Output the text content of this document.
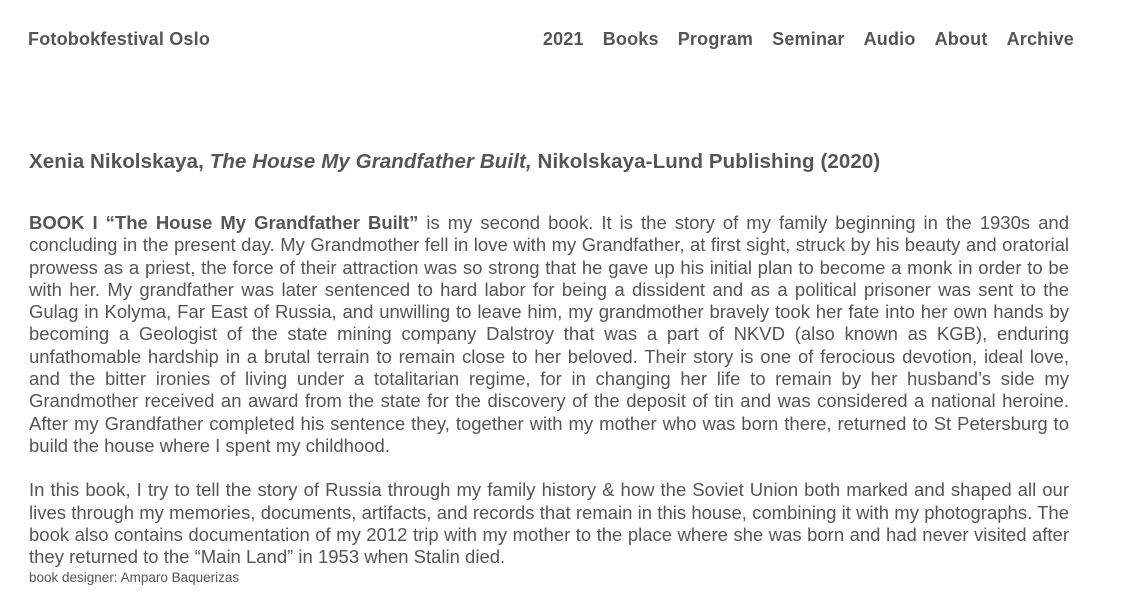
Fotobokfestival Oslo	2021 Books Program Seminar Audio About Archive
Xenia Nikolskaya, The House My Grandfather Built, Nikolskaya-Lund Publishing (2020)

BOOK I “The House My Grandfather Built” is my second book. It is the story of my family beginning in the 1930s and concluding in the present day. My Grandmother fell in love with my Grandfather, at first sight, struck by his beauty and oratorial prowess as a priest, the force of their attraction was so strong that he gave up his initial plan to become a monk in order to be with her. My grandfather was later sentenced to hard labor for being a dissident and as a political prisoner was sent to the Gulag in Kolyma, Far East of Russia, and unwilling to leave him, my grandmother bravely took her fate into her own hands by becoming a Geologist of the state mining company Dalstroy that was a part of NKVD (also known as KGB), enduring unfathomable hardship in a brutal terrain to remain close to her beloved. Their story is one of ferocious devotion, ideal love, and the bitter ironies of living under a totalitarian regime, for in changing her life to remain by her husband’s side my Grandmother received an award from the state for the discovery of the deposit of tin and was considered a national heroine. After my Grandfather completed his sentence they, together with my mother who was born there, returned to St Petersburg to build the house where I spent my childhood.

In this book, I try to tell the story of Russia through my family history & how the Soviet Union both marked and shaped all our lives through my memories, documents, artifacts, and records that remain in this house, combining it with my photographs. The book also contains documentation of my 2012 trip with my mother to the place where she was born and had never visited after they returned to the “Main Land” in 1953 when Stalin died.

book designer: Amparo Baquerizas
